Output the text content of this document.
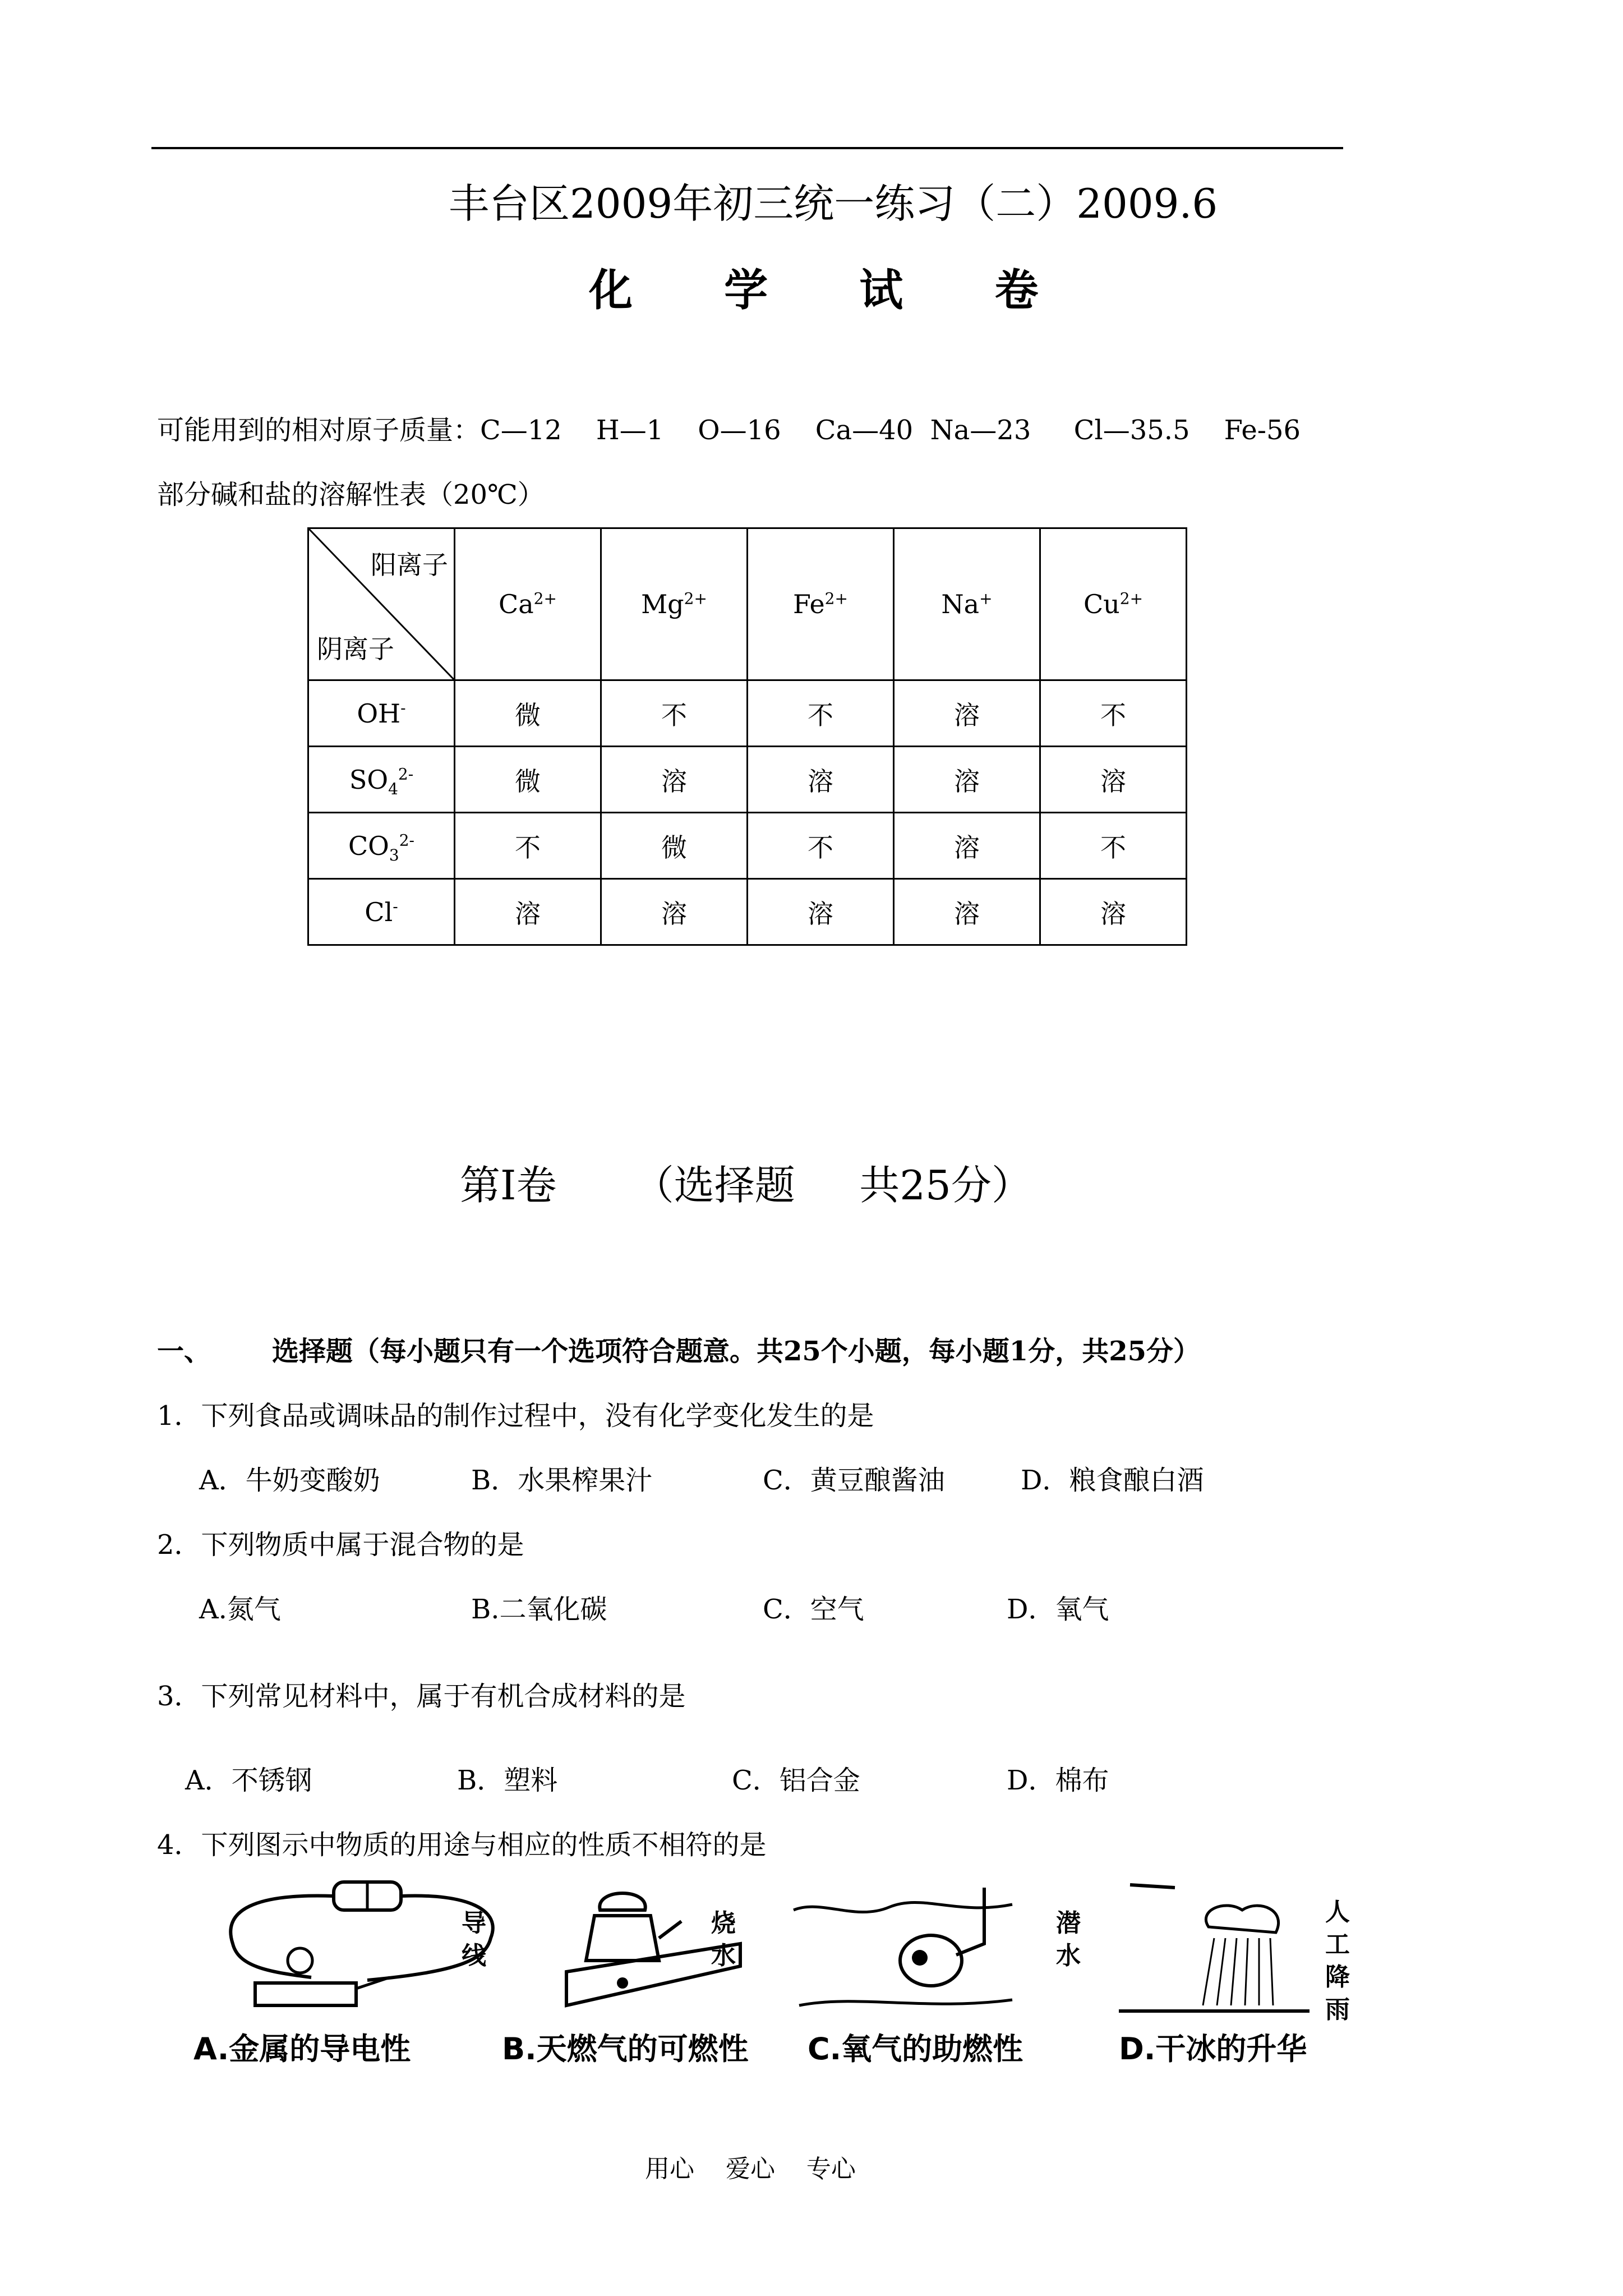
丰台区2009年初三统一练习（二）2009.6
化 学 试 卷
可能用到的相对原子质量：C—12    H—1    O—16    Ca—40  Na—23     Cl—35.5    Fe-56
部分碱和盐的溶解性表（20℃）
阳离子
阴离子	$Ca^{2+}$	$Mg^{2+}$	$Fe^{2+}$	Na+	$Cu^{2+}$
OH-	微	不	不	溶	不
$SO_4^{2-}$	微	溶	溶	溶	溶
$CO_3^{2-}$	不	微	不	溶	不
Cl-	溶	溶	溶	溶	溶
第Ⅰ卷      （选择题     共25分）
一、 选择题（每小题只有一个选项符合题意。共25个小题，每小题1分，共25分）
1．下列食品或调味品的制作过程中，没有化学变化发生的是
A．牛奶变酸奶	B．水果榨果汁	C．黄豆酿酱油	D．粮食酿白酒
2．下列物质中属于混合物的是
A.氮气	B.二氧化碳	C．空气	D．氧气
3．下列常见材料中，属于有机合成材料的是
A．不锈钢	B．塑料	C．铝合金	D．棉布
4．下列图示中物质的用途与相应的性质不相符的是
导线
烧水
潜水
人工降雨
A.金属的导电性	B.天燃气的可燃性 C.氧气的助燃性	D.干冰的升华
用心    爱心    专心
